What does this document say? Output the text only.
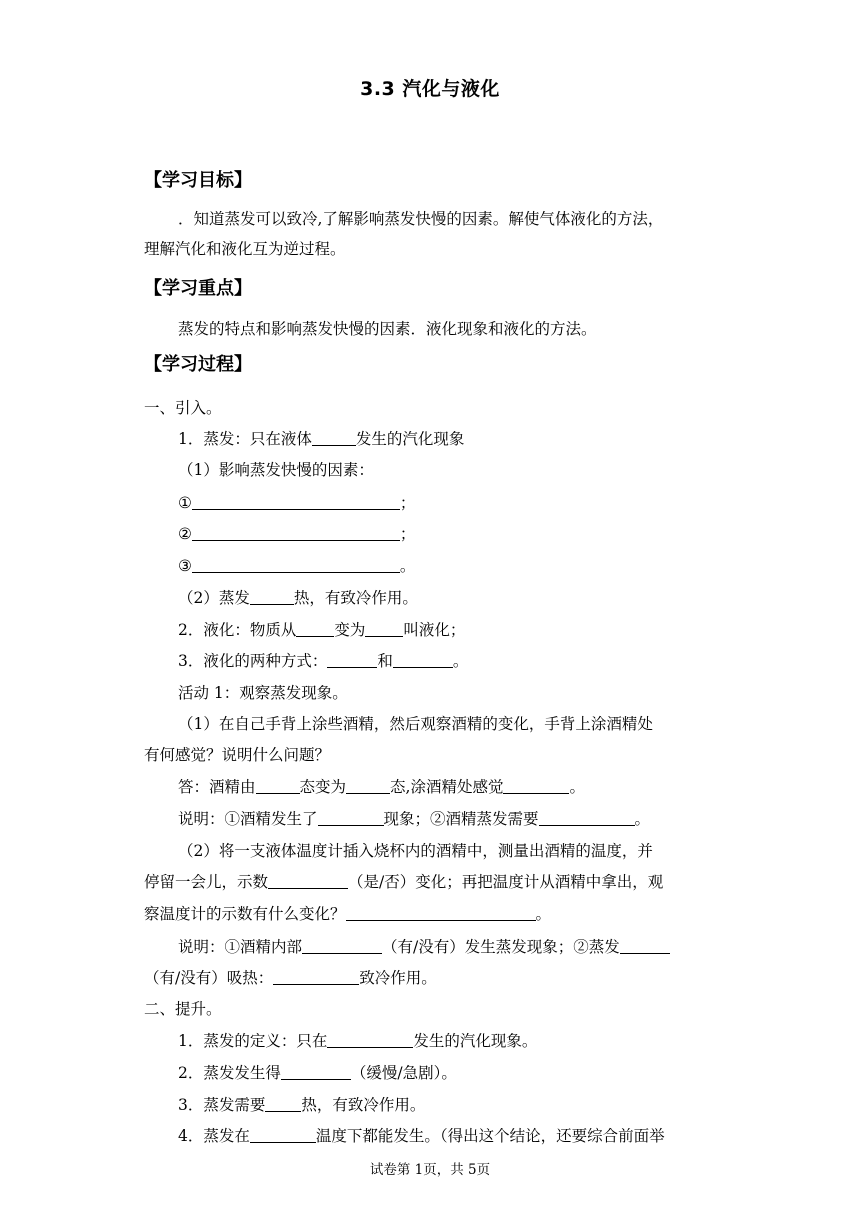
3.3 汽化与液化
【学习目标】
．知道蒸发可以致冷,了解影响蒸发快慢的因素。解使气体液化的方法，
理解汽化和液化互为逆过程。
【学习重点】
蒸发的特点和影响蒸发快慢的因素．液化现象和液化的方法。
【学习过程】
一、引入。
1．蒸发：只在液体	发生的汽化现象
（1）影响蒸发快慢的因素：
①	；
②	；
③	。
（2）蒸发	热，有致冷作用。
2．液化：物质从 变为 叫液化；
3．液化的两种方式：	和	。
活动 1：观察蒸发现象。
（1）在自己手背上涂些酒精，然后观察酒精的变化，手背上涂酒精处
有何感觉？说明什么问题？
答：酒精由	态变为	态,涂酒精处感觉	。
说明：①酒精发生了	现象；②酒精蒸发需要	。
（2）将一支液体温度计插入烧杯内的酒精中，测量出酒精的温度，并
停留一会儿，示数	（是/否）变化；再把温度计从酒精中拿出，观
察温度计的示数有什么变化？	。
说明：①酒精内部	（有/没有）发生蒸发现象；②蒸发
（有/没有）吸热：	致冷作用。
二、提升。
1．蒸发的定义：只在	发生的汽化现象。
2．蒸发发生得	（缓慢/急剧）。
3．蒸发需要 热，有致冷作用。
4．蒸发在	温度下都能发生。（得出这个结论，还要综合前面举
试卷第 1页，共 5页
